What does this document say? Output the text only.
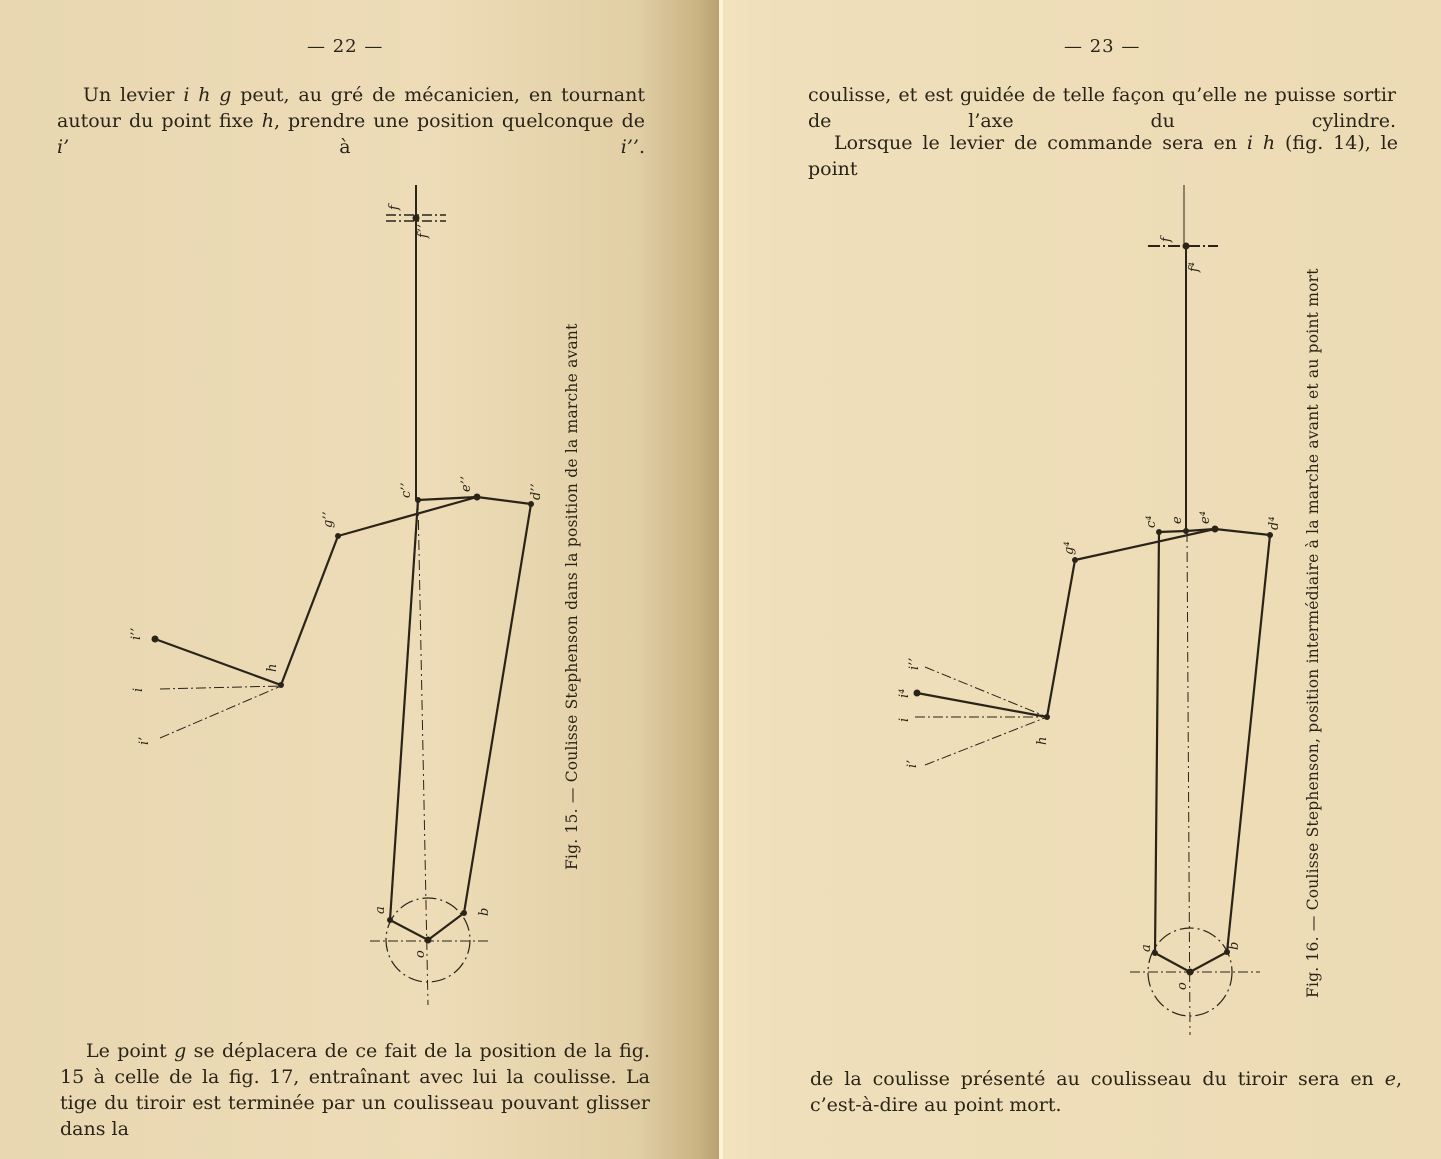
— 22 —
Un levier i h g peut, au gré de mécanicien, en tournant autour du point fixe h, prendre une position quelconque de i’ à i’’.
Le point g se déplacera de ce fait de la position de la fig. 15 à celle de la fig. 17, entraînant avec lui la coulisse. La tige du tiroir est terminée par un coulisseau pouvant glisser dans la
Fig. 15. — Coulisse Stephenson dans la position de la marche avant
f
f’’
c’’	e’’	d’’
g’’
h
i’’
i
i’
a	b
o
— 23 —
coulisse, et est guidée de telle façon qu’elle ne puisse sortir de l’axe du cylindre.
Lorsque le levier de commande sera en i h (fig. 14), le point
de la coulisse présenté au coulisseau du tiroir sera en e, c’est-à-dire au point mort.
Fig. 16. — Coulisse Stephenson, position intermédiaire à la marche avant et au point mort
f
f⁴
c⁴ e e⁴	d⁴
g⁴
h
i’’
i⁴
i
i’
a	b
o
